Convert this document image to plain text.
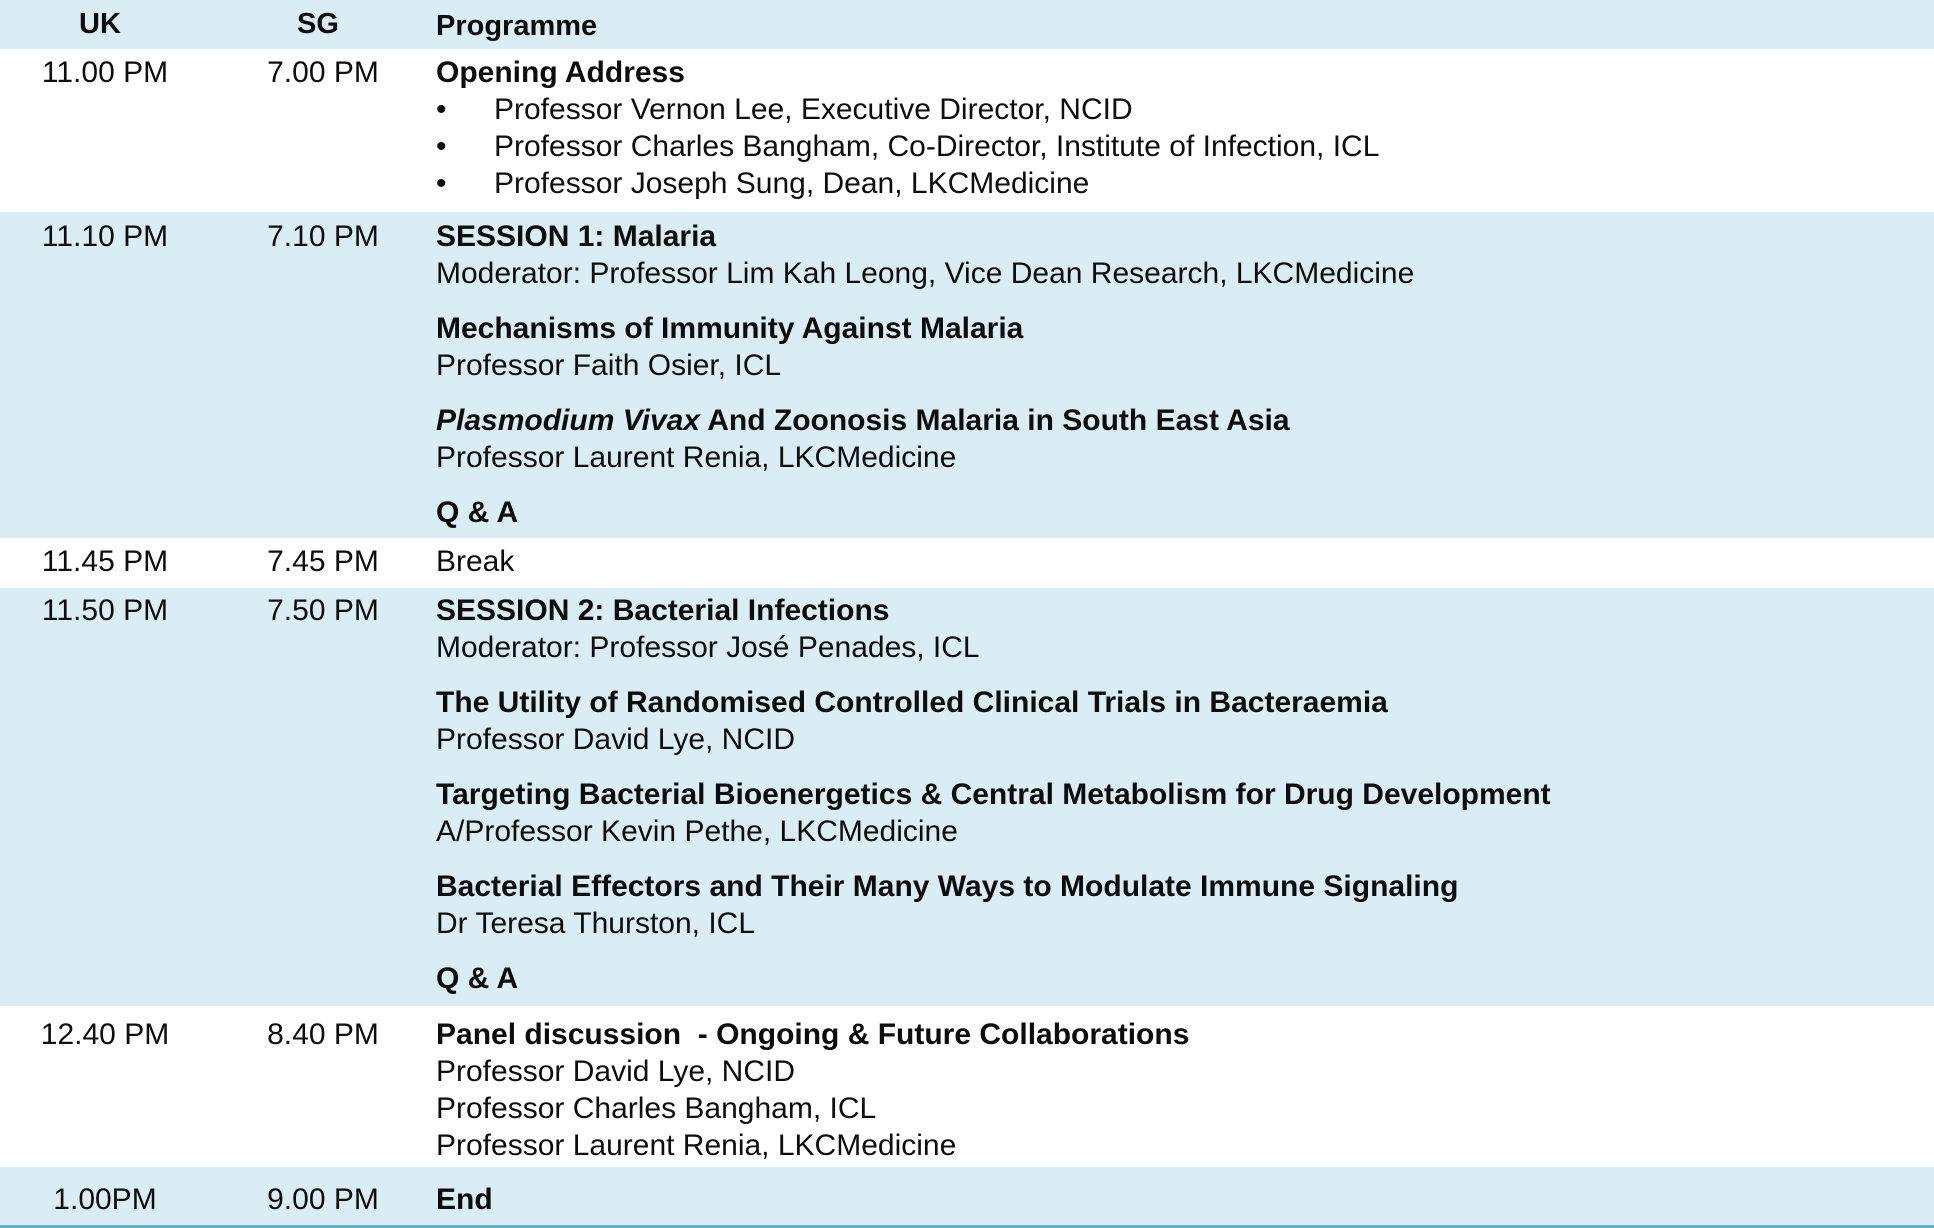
UK	SG	Programme
11.00 PM	7.00 PM	Opening Address
•	Professor Vernon Lee, Executive Director, NCID
•	Professor Charles Bangham, Co-Director, Institute of Infection, ICL
•	Professor Joseph Sung, Dean, LKCMedicine
11.10 PM	7.10 PM	SESSION 1: Malaria
Moderator: Professor Lim Kah Leong, Vice Dean Research, LKCMedicine
Mechanisms of Immunity Against Malaria
Professor Faith Osier, ICL
Plasmodium Vivax And Zoonosis Malaria in South East Asia
Professor Laurent Renia, LKCMedicine
Q & A
11.45 PM	7.45 PM	Break
11.50 PM	7.50 PM	SESSION 2: Bacterial Infections
Moderator: Professor José Penades, ICL
The Utility of Randomised Controlled Clinical Trials in Bacteraemia
Professor David Lye, NCID
Targeting Bacterial Bioenergetics & Central Metabolism for Drug Development
A/Professor Kevin Pethe, LKCMedicine
Bacterial Effectors and Their Many Ways to Modulate Immune Signaling
Dr Teresa Thurston, ICL
Q & A
12.40 PM	8.40 PM	Panel discussion  - Ongoing & Future Collaborations
Professor David Lye, NCID
Professor Charles Bangham, ICL
Professor Laurent Renia, LKCMedicine
1.00PM	9.00 PM	End
